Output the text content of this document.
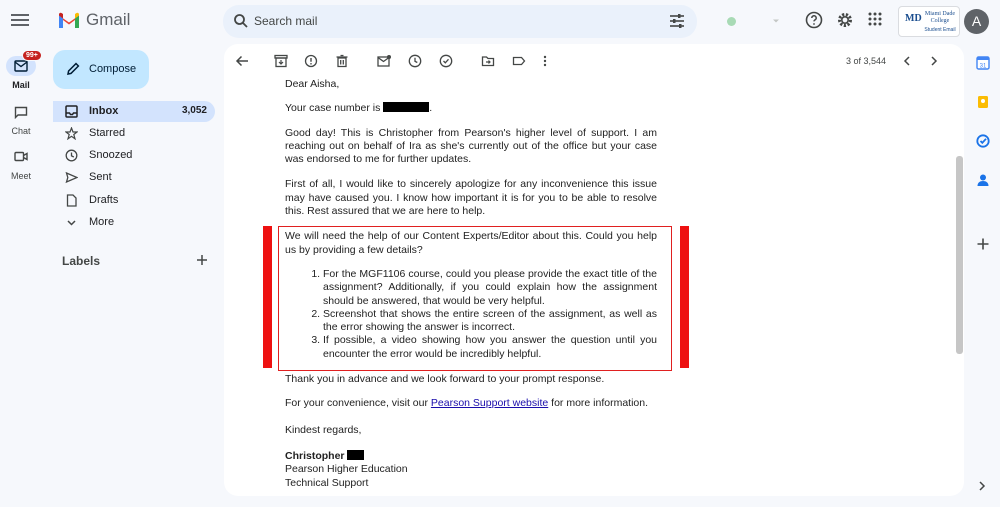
Gmail	Search mail	MD Miami Dade College
Student Email
A
99+
Mail
Chat
Meet
Compose
Inbox	3,052
Starred
Snoozed
Sent
Drafts
More
Labels
3 of 3,544

Dear Aisha,

Your case number is	.

Good day! This is Christopher from Pearson's higher level of support. I am reaching out on behalf of Ira as she's currently out of the office but your case was endorsed to me for further updates.

First of all, I would like to sincerely apologize for any inconvenience this issue may have caused you. I know how important it is for you to be able to resolve this. Rest assured that we are here to help.

We will need the help of our Content Experts/Editor about this. Could you help us by providing a few details?

1. For the MGF1106 course, could you please provide the exact title of the assignment? Additionally, if you could explain how the assignment should be answered, that would be very helpful.
2. Screenshot that shows the entire screen of the assignment, as well as the error showing the answer is incorrect.
3. If possible, a video showing how you answer the question until you encounter the error would be incredibly helpful.

Thank you in advance and we look forward to your prompt response.

For your convenience, visit our Pearson Support website for more information.

Kindest regards,

Christopher

Pearson Higher Education

Technical Support

31
